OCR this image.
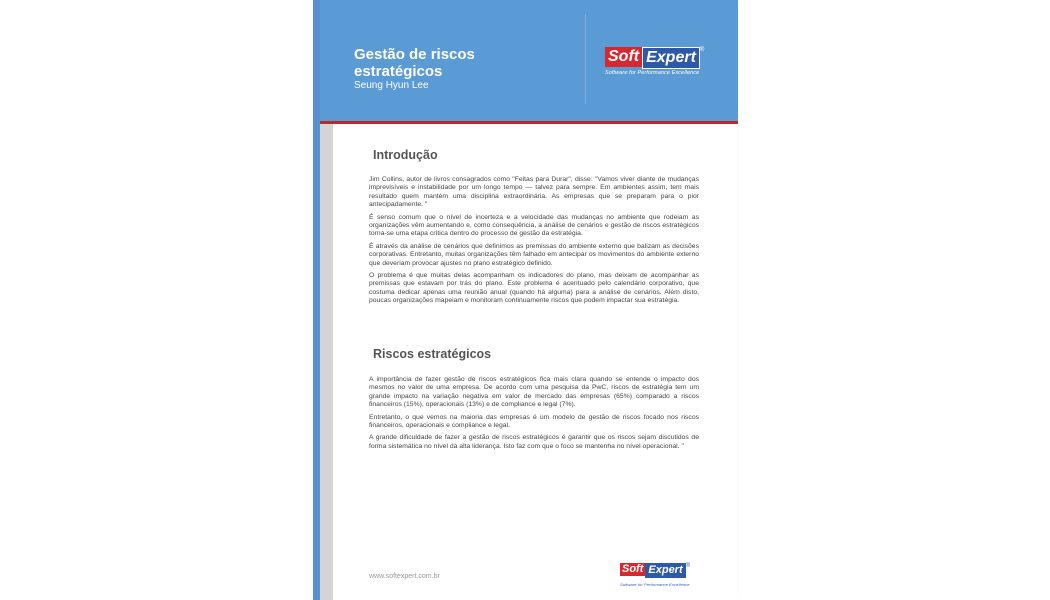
Gestão de riscos estratégicos
Seung Hyun Lee
Soft Expert ®
Software for Performance Excellence
Introdução

Jim Collins, autor de livros consagrados como "Feitas para Durar", disse: "Vamos viver diante de mudanças imprevisíveis e instabilidade por um longo tempo — talvez para sempre. Em ambientes assim, tem mais resultado quem mantém uma disciplina extraordinária. As empresas que se preparam para o pior antecipadamente. "

É senso comum que o nível de incerteza e a velocidade das mudanças no ambiente que rodeiam as organizações vêm aumentando e, como consequência, a análise de cenários e gestão de riscos estratégicos torna-se uma etapa crítica dentro do processo de gestão da estratégia.

É através da análise de cenários que definimos as premissas do ambiente externo que balizam as decisões corporativas. Entretanto, muitas organizações têm falhado em antecipar os movimentos do ambiente externo que deveriam provocar ajustes no plano estratégico definido.

O problema é que muitas delas acompanham os indicadores do plano, mas deixam de acompanhar as premissas que estavam por trás do plano. Este problema é acentuado pelo calendário corporativo, que costuma dedicar apenas uma reunião anual (quando há alguma) para a análise de cenários. Além disto, poucas organizações mapeiam e monitoram continuamente riscos que podem impactar sua estratégia.

Riscos estratégicos

A importância de fazer gestão de riscos estratégicos fica mais clara quando se entende o impacto dos mesmos no valor de uma empresa. De acordo com uma pesquisa da PwC, riscos de estratégia tem um grande impacto na variação negativa em valor de mercado das empresas (65%) comparado a riscos financeiros (15%), operacionais (13%) e de compliance e legal (7%).

Entretanto, o que vemos na maioria das empresas é um modelo de gestão de riscos focado nos riscos financeiros, operacionais e compliance e legal.

A grande dificuldade de fazer a gestão de riscos estratégicos é garantir que os riscos sejam discutidos de forma sistemática no nível da alta liderança. Isto faz com que o foco se mantenha no nível operacional. "

www.softexpert.com.br
Soft Expert ®
Software for Performance Excellence
